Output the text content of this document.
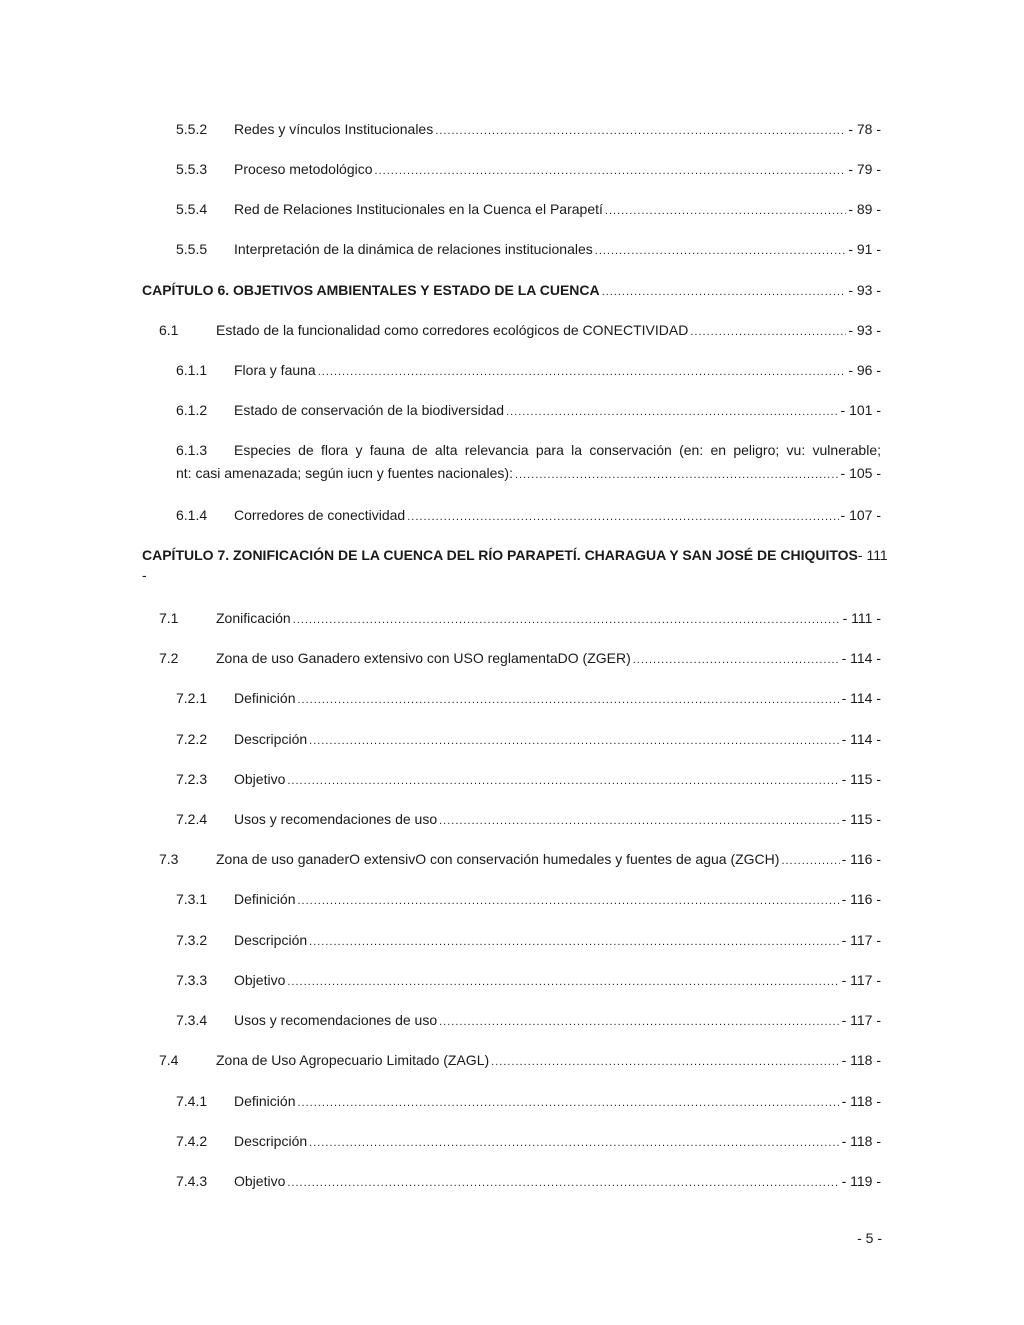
5.5.2 Redes y vínculos Institucionales .....	- 78 -
5.5.3 Proceso metodológico .....	- 79 -
5.5.4 Red de Relaciones Institucionales en la Cuenca el Parapetí .....	- 89 -
5.5.5 Interpretación de la dinámica de relaciones institucionales .....	- 91 -
CAPÍTULO 6. OBJETIVOS AMBIENTALES Y ESTADO DE LA CUENCA .....	- 93 -
6.1	Estado de la funcionalidad como corredores ecológicos de CONECTIVIDAD .....	- 93 -
6.1.1 Flora y fauna .....	- 96 -
6.1.2 Estado de conservación de la biodiversidad .....	- 101 -
6.1.3 Especies de flora y fauna de alta relevancia para la conservación (en: en peligro; vu: vulnerable;
nt: casi amenazada; según iucn y fuentes nacionales): .....	- 105 -
6.1.4 Corredores de conectividad .....	- 107 -
CAPÍTULO 7. ZONIFICACIÓN DE LA CUENCA DEL RÍO PARAPETÍ. CHARAGUA Y SAN JOSÉ DE CHIQUITOS - 111
-
7.1	Zonificación .....	- 111 -
7.2	Zona de uso Ganadero extensivo con USO reglamentaDO (ZGER) .....	- 114 -
7.2.1 Definición .....	- 114 -
7.2.2 Descripción .....	- 114 -
7.2.3 Objetivo .....	- 115 -
7.2.4 Usos y recomendaciones de uso .....	- 115 -
7.3	Zona de uso ganaderO extensivO con conservación humedales y fuentes de agua (ZGCH) .....	- 116 -
7.3.1 Definición .....	- 116 -
7.3.2 Descripción .....	- 117 -
7.3.3 Objetivo .....	- 117 -
7.3.4 Usos y recomendaciones de uso .....	- 117 -
7.4	Zona de Uso Agropecuario Limitado (ZAGL) .....	- 118 -
7.4.1 Definición .....	- 118 -
7.4.2 Descripción .....	- 118 -
7.4.3 Objetivo .....	- 119 -
- 5 -
